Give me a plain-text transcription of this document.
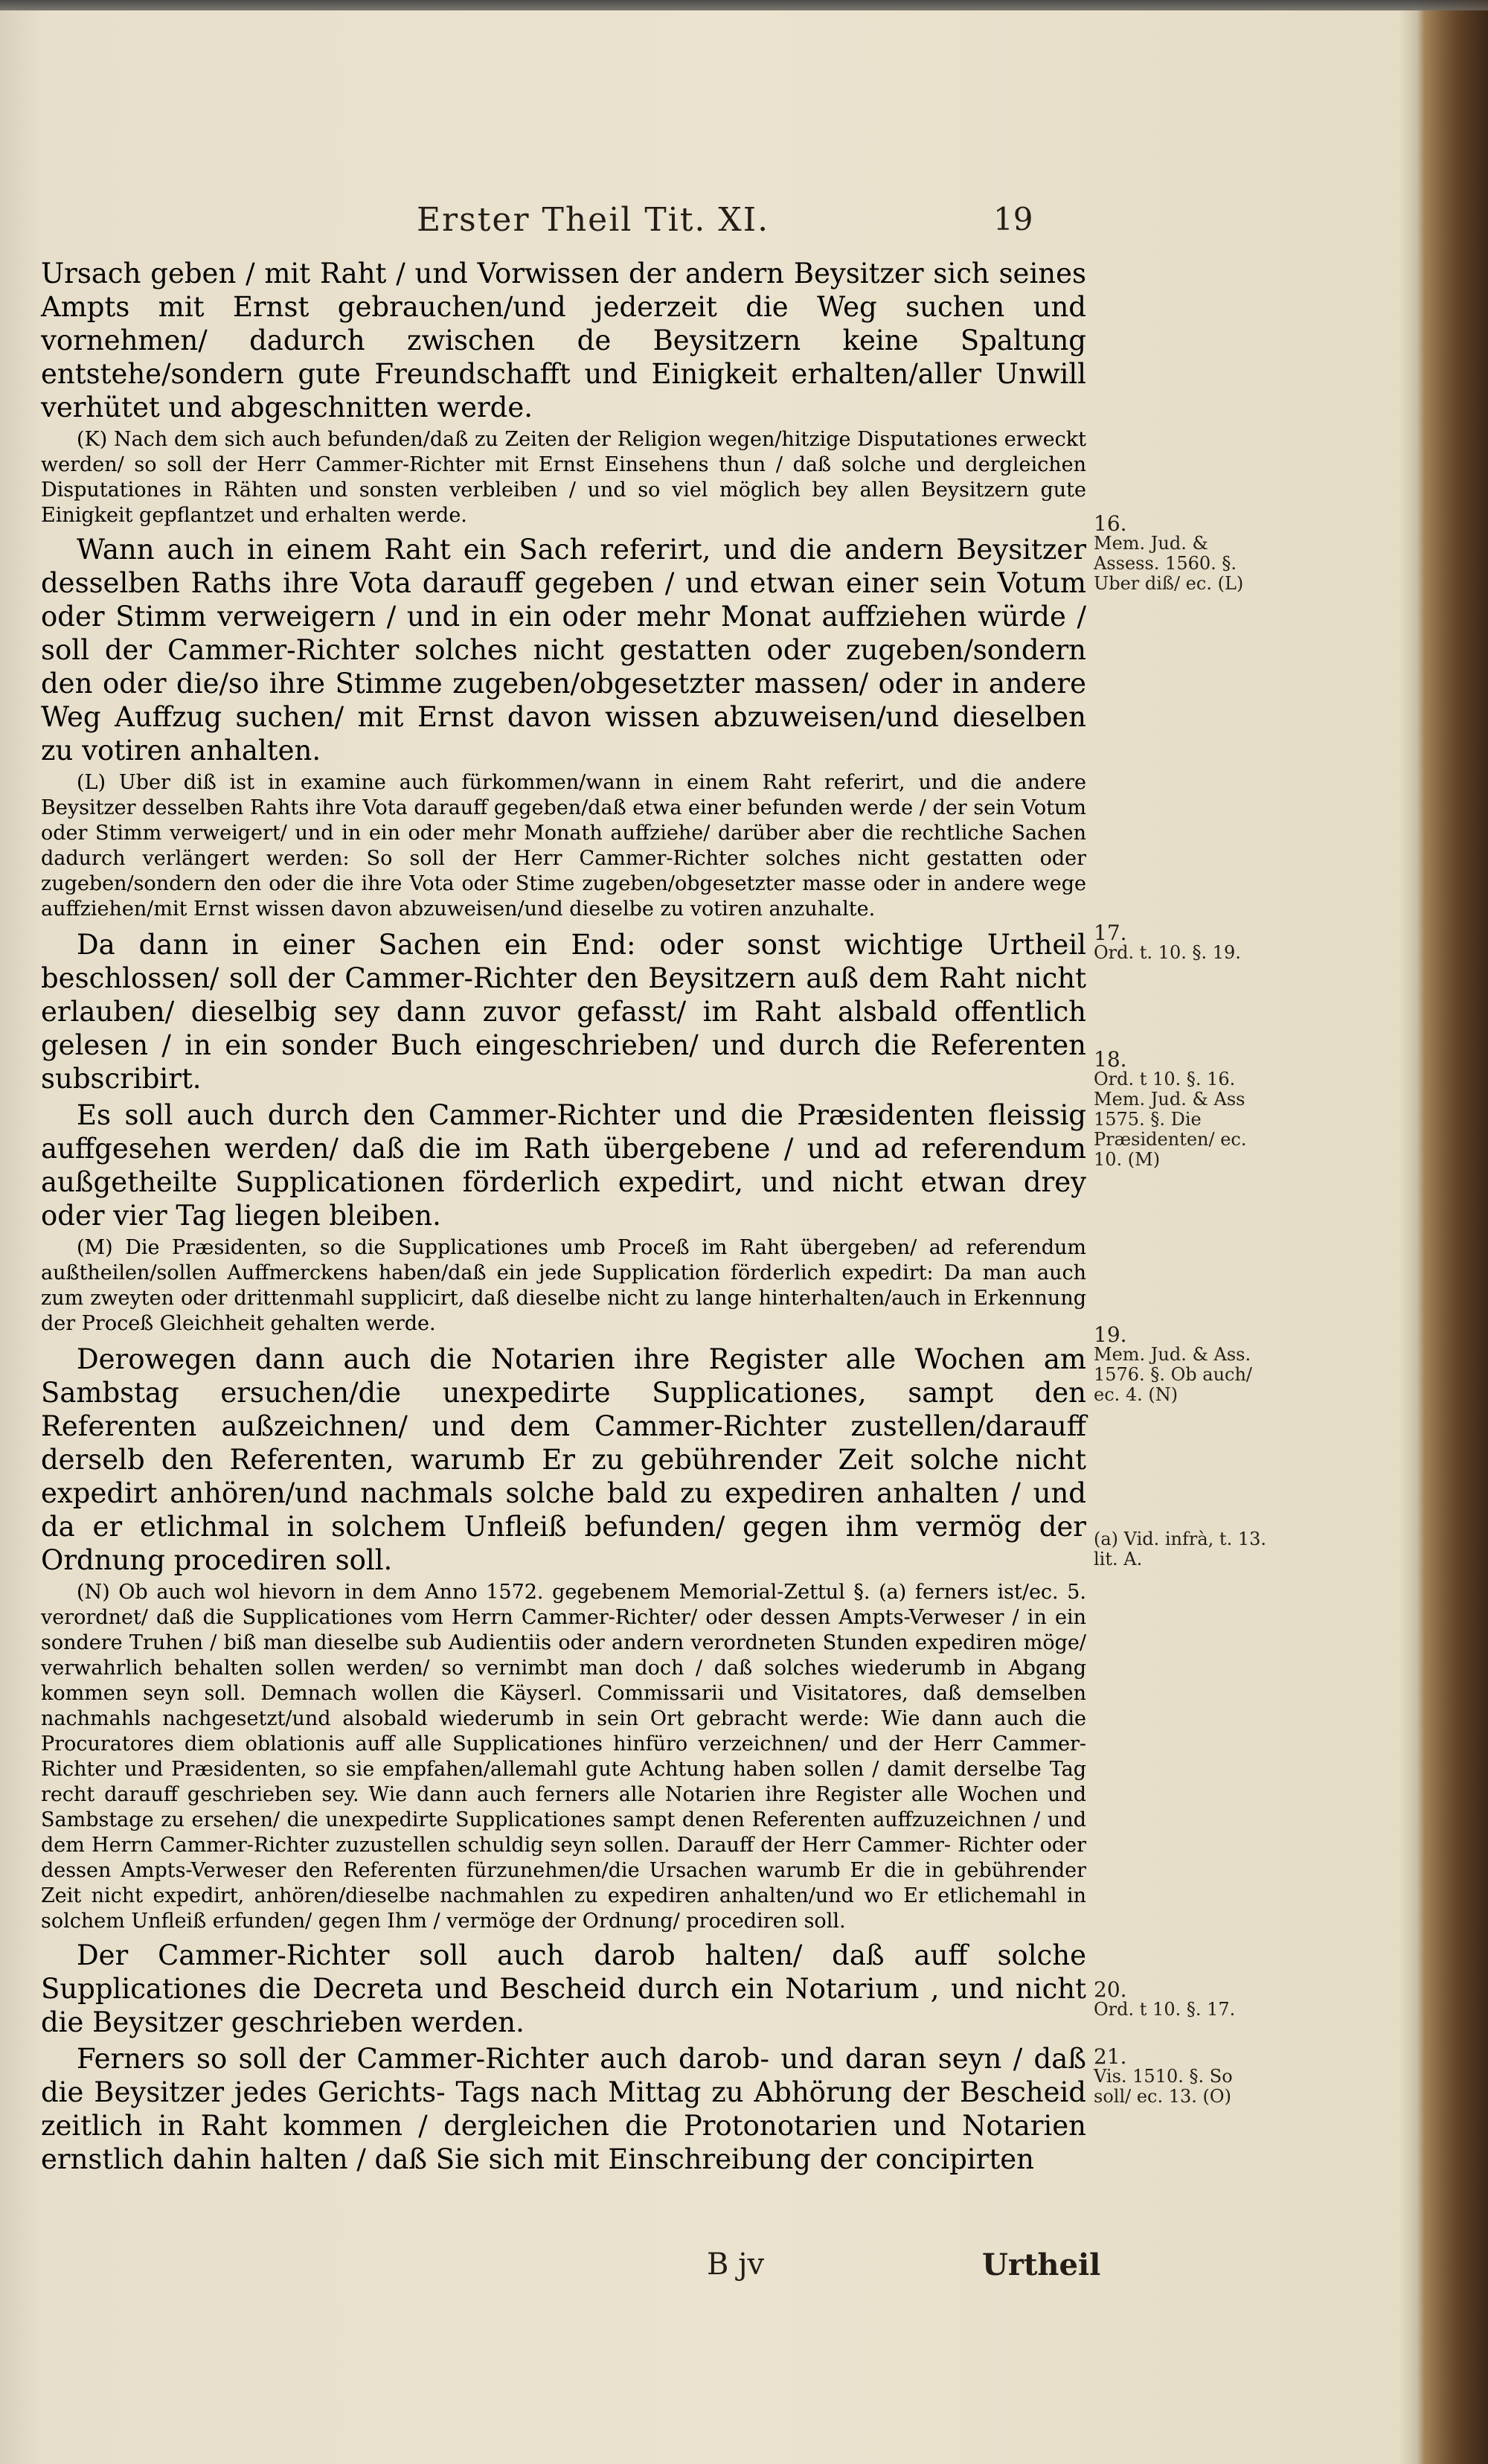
Erster Theil Tit. XI.	19

Ursach geben / mit Raht / und Vorwissen der andern Beysitzer sich seines Ampts mit Ernst gebrauchen/und jederzeit die Weg suchen und vornehmen/ dadurch zwischen de Beysitzern keine Spaltung entstehe/sondern gute Freundschafft und Einigkeit erhalten/aller Unwill verhütet und abgeschnitten werde.

(K) Nach dem sich auch befunden/daß zu Zeiten der Religion wegen/hitzige Disputationes erweckt werden/ so soll der Herr Cammer-Richter mit Ernst Einsehens thun / daß solche und dergleichen Disputationes in Rähten und sonsten verbleiben / und so viel möglich bey allen Beysitzern gute Einigkeit gepflantzet und erhalten werde.

Wann auch in einem Raht ein Sach referirt, und die andern Beysitzer desselben Raths ihre Vota darauff gegeben / und etwan einer sein Votum oder Stimm verweigern / und in ein oder mehr Monat auffziehen würde / soll der Cammer-Richter solches nicht gestatten oder zugeben/sondern den oder die/so ihre Stimme zugeben/obgesetzter massen/ oder in andere Weg Auffzug suchen/ mit Ernst davon wissen abzuweisen/und dieselben zu votiren anhalten.

(L) Uber diß ist in examine auch fürkommen/wann in einem Raht referirt, und die andere Beysitzer desselben Rahts ihre Vota darauff gegeben/daß etwa einer befunden werde / der sein Votum oder Stimm verweigert/ und in ein oder mehr Monath auffziehe/ darüber aber die rechtliche Sachen dadurch verlängert werden: So soll der Herr Cammer-Richter solches nicht gestatten oder zugeben/sondern den oder die ihre Vota oder Stime zugeben/obgesetzter masse oder in andere wege auffziehen/mit Ernst wissen davon abzuweisen/und dieselbe zu votiren anzuhalte.

Da dann in einer Sachen ein End: oder sonst wichtige Urtheil beschlossen/ soll der Cammer-Richter den Beysitzern auß dem Raht nicht erlauben/ dieselbig sey dann zuvor gefasst/ im Raht alsbald offentlich gelesen / in ein sonder Buch eingeschrieben/ und durch die Referenten subscribirt.

Es soll auch durch den Cammer-Richter und die Præsidenten fleissig auffgesehen werden/ daß die im Rath übergebene / und ad referendum außgetheilte Supplicationen förderlich expedirt, und nicht etwan drey oder vier Tag liegen bleiben.

(M) Die Præsidenten, so die Supplicationes umb Proceß im Raht übergeben/ ad referendum außtheilen/sollen Auffmerckens haben/daß ein jede Supplication förderlich expedirt: Da man auch zum zweyten oder drittenmahl supplicirt, daß dieselbe nicht zu lange hinterhalten/auch in Erkennung der Proceß Gleichheit gehalten werde.

Derowegen dann auch die Notarien ihre Register alle Wochen am Sambstag ersuchen/die unexpedirte Supplicationes, sampt den Referenten außzeichnen/ und dem Cammer-Richter zustellen/darauff derselb den Referenten, warumb Er zu gebührender Zeit solche nicht expedirt anhören/und nachmals solche bald zu expediren anhalten / und da er etlichmal in solchem Unfleiß befunden/ gegen ihm vermög der Ordnung procediren soll.

(N) Ob auch wol hievorn in dem Anno 1572. gegebenem Memorial-Zettul §. (a) ferners ist/ec. 5. verordnet/ daß die Supplicationes vom Herrn Cammer-Richter/ oder dessen Ampts-Verweser / in ein sondere Truhen / biß man dieselbe sub Audientiis oder andern verordneten Stunden expediren möge/ verwahrlich behalten sollen werden/ so vernimbt man doch / daß solches wiederumb in Abgang kommen seyn soll. Demnach wollen die Käyserl. Commissarii und Visitatores, daß demselben nachmahls nachgesetzt/und alsobald wiederumb in sein Ort gebracht werde: Wie dann auch die Procuratores diem oblationis auff alle Supplicationes hinfüro verzeichnen/ und der Herr Cammer-Richter und Præsidenten, so sie empfahen/allemahl gute Achtung haben sollen / damit derselbe Tag recht darauff geschrieben sey. Wie dann auch ferners alle Notarien ihre Register alle Wochen und Sambstage zu ersehen/ die unexpedirte Supplicationes sampt denen Referenten auffzuzeichnen / und dem Herrn Cammer-Richter zuzustellen schuldig seyn sollen. Darauff der Herr Cammer- Richter oder dessen Ampts-Verweser den Referenten fürzunehmen/die Ursachen warumb Er die in gebührender Zeit nicht expedirt, anhören/dieselbe nachmahlen zu expediren anhalten/und wo Er etlichemahl in solchem Unfleiß erfunden/ gegen Ihm / vermöge der Ordnung/ procediren soll.

Der Cammer-Richter soll auch darob halten/ daß auff solche Supplicationes die Decreta und Bescheid durch ein Notarium , und nicht die Beysitzer geschrieben werden.

Ferners so soll der Cammer-Richter auch darob- und daran seyn / daß die Beysitzer jedes Gerichts- Tags nach Mittag zu Abhörung der Bescheid zeitlich in Raht kommen / dergleichen die Protonotarien und Notarien ernstlich dahin halten / daß Sie sich mit Einschreibung der concipirten

16.
Mem. Jud. & Assess. 1560. §. Uber diß/ ec. (L)
17.
Ord. t. 10. §. 19.
18.
Ord. t 10. §. 16. Mem. Jud. & Ass 1575. §. Die Præsidenten/ ec. 10. (M)
19.
Mem. Jud. & Ass. 1576. §. Ob auch/ ec. 4. (N)
(a) Vid. infrà, t. 13. lit. A.
20.
Ord. t 10. §. 17.
21.
Vis. 1510. §. So soll/ ec. 13. (O)
B jv	Urtheil
